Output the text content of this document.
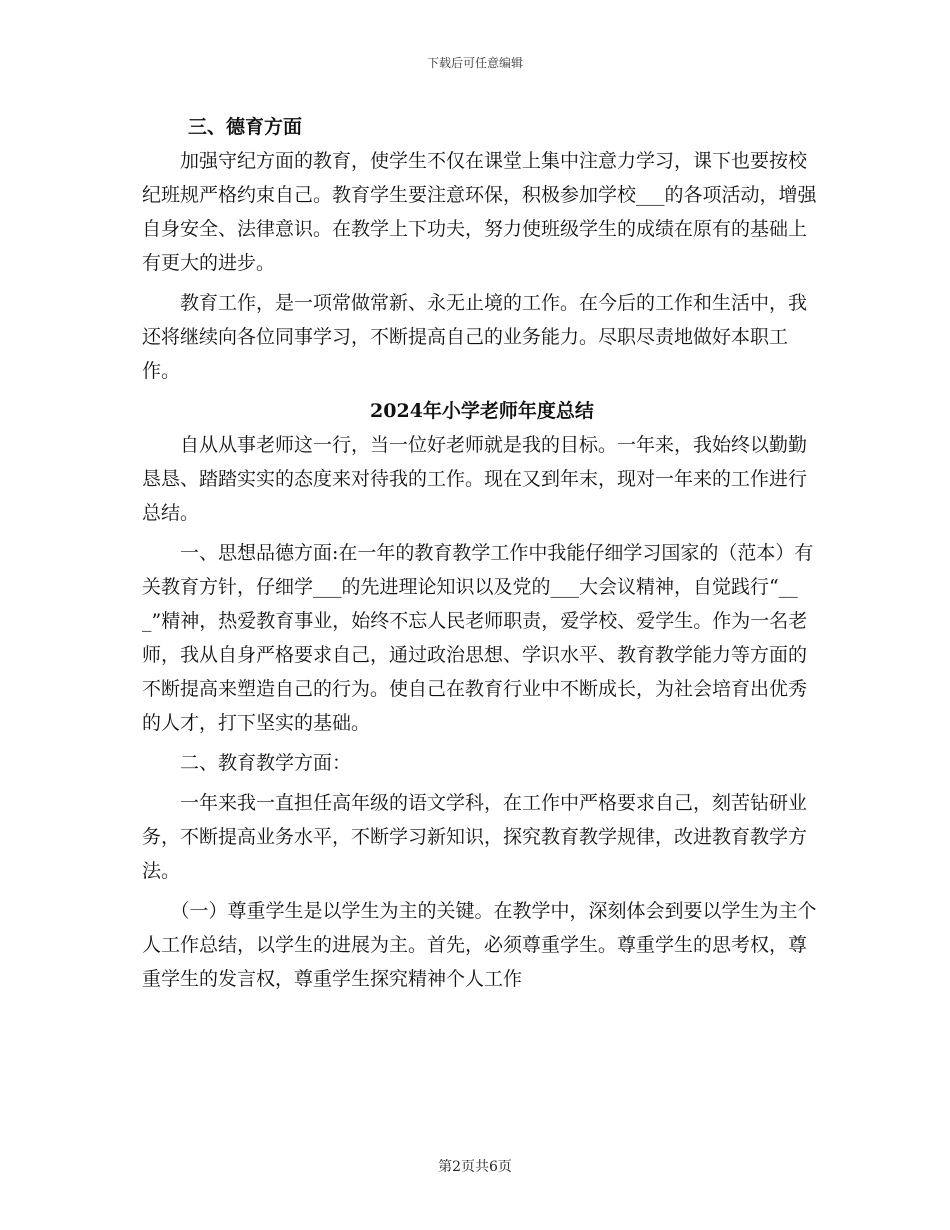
下载后可任意编辑

三、德育方面

加强守纪方面的教育，使学生不仅在课堂上集中注意力学习，课下也要按校纪班规严格约束自己。教育学生要注意环保，积极参加学校___的各项活动，增强自身安全、法律意识。在教学上下功夫，努力使班级学生的成绩在原有的基础上有更大的进步。

教育工作，是一项常做常新、永无止境的工作。在今后的工作和生活中，我还将继续向各位同事学习，不断提高自己的业务能力。尽职尽责地做好本职工作。

2024年小学老师年度总结

自从从事老师这一行，当一位好老师就是我的目标。一年来，我始终以勤勤恳恳、踏踏实实的态度来对待我的工作。现在又到年末，现对一年来的工作进行总结。

一、思想品德方面:在一年的教育教学工作中我能仔细学习国家的（范本）有关教育方针，仔细学___的先进理论知识以及党的___大会议精神，自觉践行“___”精神，热爱教育事业，始终不忘人民老师职责，爱学校、爱学生。作为一名老师，我从自身严格要求自己，通过政治思想、学识水平、教育教学能力等方面的不断提高来塑造自己的行为。使自己在教育行业中不断成长，为社会培育出优秀的人才，打下坚实的基础。

二、教育教学方面：

一年来我一直担任高年级的语文学科，在工作中严格要求自己，刻苦钻研业务，不断提高业务水平，不断学习新知识，探究教育教学规律，改进教育教学方法。

（一）尊重学生是以学生为主的关键。在教学中，深刻体会到要以学生为主个人工作总结，以学生的进展为主。首先，必须尊重学生。尊重学生的思考权，尊重学生的发言权，尊重学生探究精神个人工作

第2页共6页
